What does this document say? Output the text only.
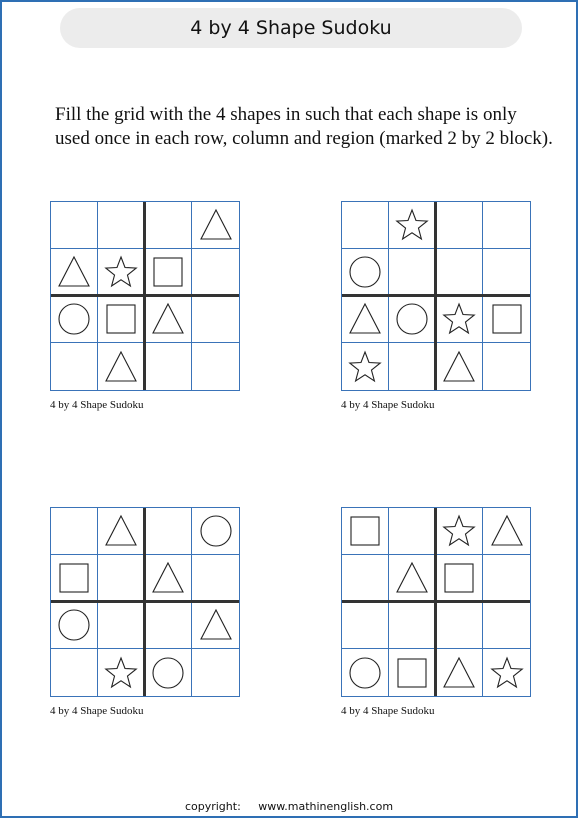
4 by 4 Shape Sudoku
Fill the grid with the 4 shapes in such that each shape is only
used once in each row, column and region (marked 2 by 2 block).
4 by 4 Shape Sudoku	4 by 4 Shape Sudoku
4 by 4 Shape Sudoku	4 by 4 Shape Sudoku
copyright: www.mathinenglish.com
